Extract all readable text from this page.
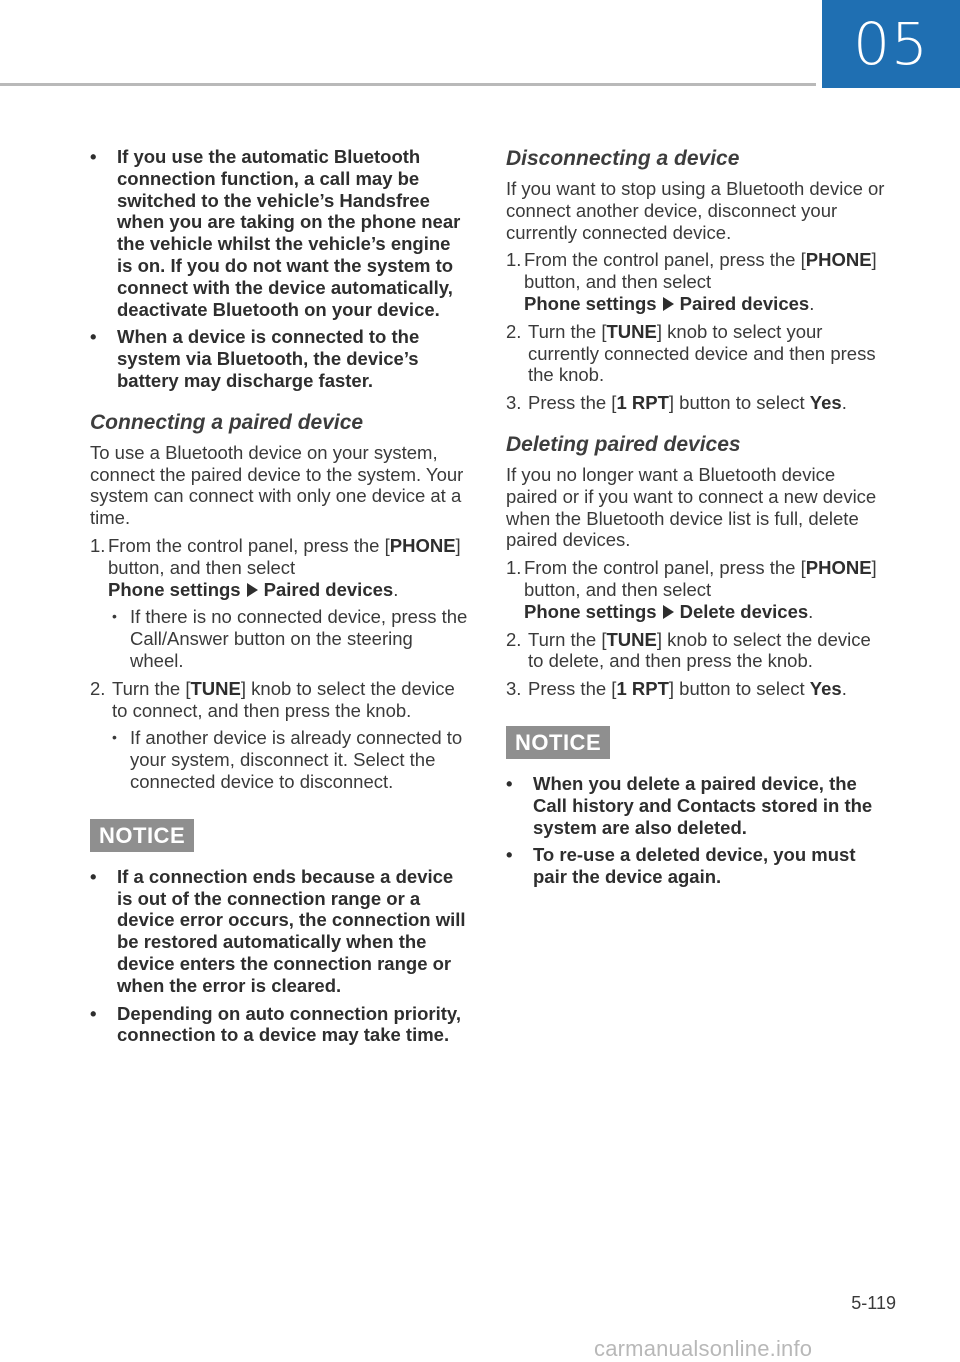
05
• If you use the automatic Bluetooth connection function, a call may be switched to the vehicle’s Handsfree when you are taking on the phone near the vehicle whilst the vehicle’s engine is on. If you do not want the system to connect with the device automatically, deactivate Bluetooth on your device.
• When a device is connected to the system via Bluetooth, the device’s battery may discharge faster.
Connecting a paired device

To use a Bluetooth device on your system, connect the paired device to the system. Your system can connect with only one device at a time.

1. From the control panel, press the [PHONE] button, and then select
Phone settings Paired devices.
• If there is no connected device, press the Call/Answer button on the steering wheel.
2. Turn the [TUNE] knob to select the device to connect, and then press the knob.
• If another device is already connected to your system, disconnect it. Select the connected device to disconnect.
NOTICE
• If a connection ends because a device is out of the connection range or a device error occurs, the connection will be restored automatically when the device enters the connection range or when the error is cleared.
• Depending on auto connection priority, connection to a device may take time.
Disconnecting a device

If you want to stop using a Bluetooth device or connect another device, disconnect your currently connected device.

1. From the control panel, press the [PHONE] button, and then select
Phone settings Paired devices.
2. Turn the [TUNE] knob to select your currently connected device and then press the knob.
3. Press the [1 RPT] button to select Yes.
Deleting paired devices

If you no longer want a Bluetooth device paired or if you want to connect a new device when the Bluetooth device list is full, delete paired devices.

1. From the control panel, press the [PHONE] button, and then select
Phone settings Delete devices.
2. Turn the [TUNE] knob to select the device to delete, and then press the knob.
3. Press the [1 RPT] button to select Yes.
NOTICE
• When you delete a paired device, the Call history and Contacts stored in the system are also deleted.
• To re-use a deleted device, you must pair the device again.
5-119
carmanualsonline.info
